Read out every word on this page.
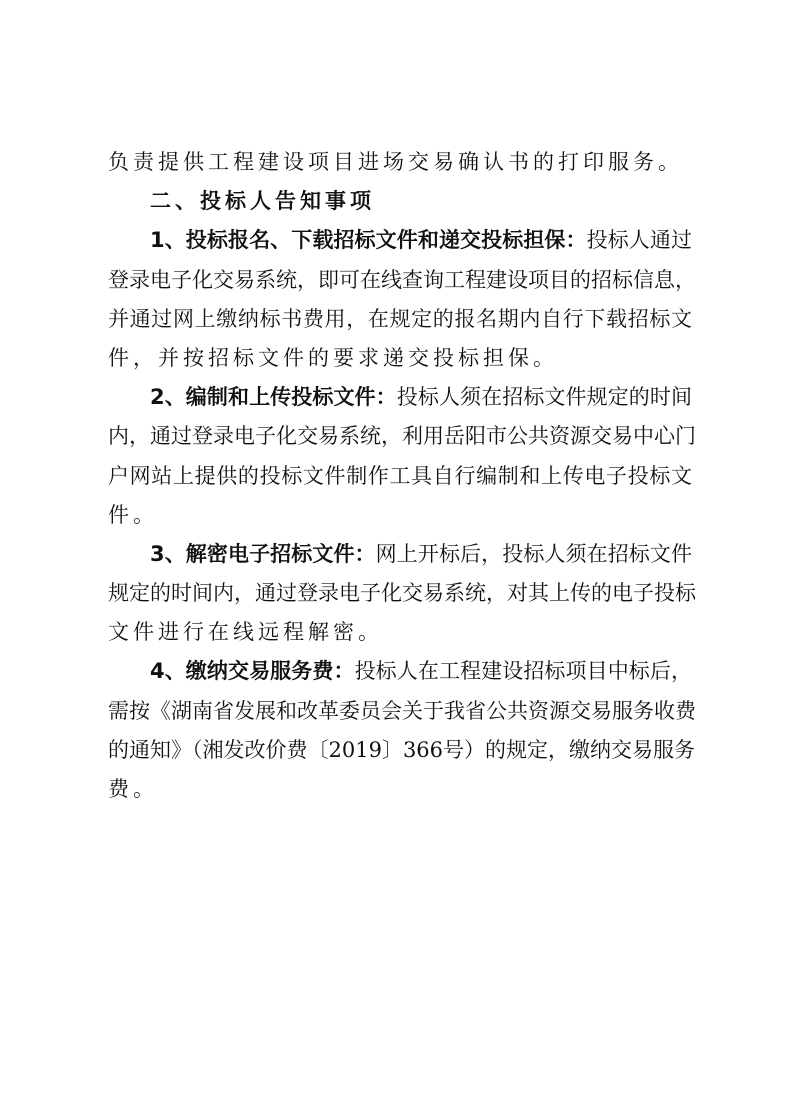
负责提供工程建设项目进场交易确认书的打印服务。
二、投标人告知事项
1、投标报名、下载招标文件和递交投标担保：投标人通过
登录电子化交易系统，即可在线查询工程建设项目的招标信息，
并通过网上缴纳标书费用，在规定的报名期内自行下载招标文
件，并按招标文件的要求递交投标担保。
2、编制和上传投标文件：投标人须在招标文件规定的时间
内，通过登录电子化交易系统，利用岳阳市公共资源交易中心门
户网站上提供的投标文件制作工具自行编制和上传电子投标文
件。
3、解密电子招标文件：网上开标后，投标人须在招标文件
规定的时间内，通过登录电子化交易系统，对其上传的电子投标
文件进行在线远程解密。
4、缴纳交易服务费：投标人在工程建设招标项目中标后，
需按《湖南省发展和改革委员会关于我省公共资源交易服务收费
的通知》（湘发改价费〔2019〕366号）的规定，缴纳交易服务
费。
